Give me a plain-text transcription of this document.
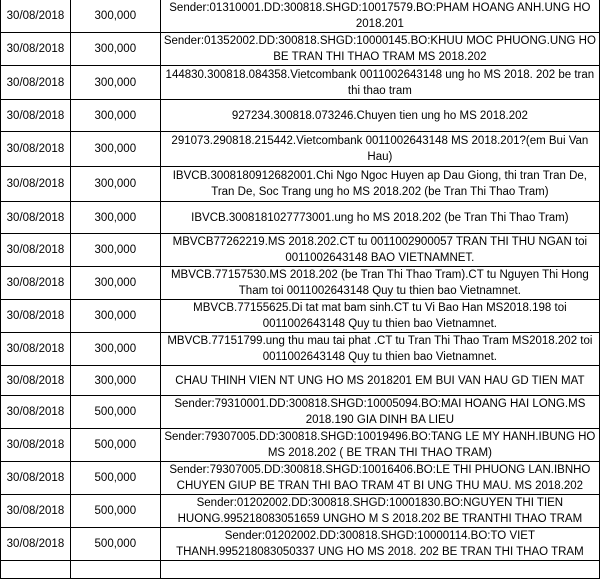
30/08/2018	300,000	Sender:01310001.DD:300818.SHGD:10017579.BO:PHAM HOANG ANH.UNG HO 2018.201
30/08/2018	300,000	Sender:01352002.DD:300818.SHGD:10000145.BO:KHUU MOC PHUONG.UNG HO BE TRAN THI THAO TRAM MS 2018.202
30/08/2018	300,000	144830.300818.084358.Vietcombank 0011002643148 ung ho MS 2018. 202 be tran thi thao tram
30/08/2018	300,000	927234.300818.073246.Chuyen tien ung ho MS 2018.202
30/08/2018	300,000	291073.290818.215442.Vietcombank 0011002643148 MS 2018.201?(em Bui Van Hau)
30/08/2018	300,000	IBVCB.3008180912682001.Chi Ngo Ngoc Huyen ap Dau Giong, thi tran Tran De, Tran De, Soc Trang ung ho MS 2018.202 (be Tran Thi Thao Tram)
30/08/2018	300,000	IBVCB.3008181027773001.ung ho MS 2018.202 (be Tran Thi Thao Tram)
30/08/2018	300,000	MBVCB77262219.MS 2018.202.CT tu 0011002900057 TRAN THI THU NGAN toi 0011002643148 BAO VIETNAMNET.
30/08/2018	300,000	MBVCB.77157530.MS 2018.202 (be Tran Thi Thao Tram).CT tu Nguyen Thi Hong Tham toi 0011002643148 Quy tu thien bao Vietnamnet.
30/08/2018	300,000	MBVCB.77155625.Di tat mat bam sinh.CT tu Vi Bao Han MS2018.198 toi 0011002643148 Quy tu thien bao Vietnamnet.
30/08/2018	300,000	MBVCB.77151799.ung thu mau tai phat .CT tu Tran Thi Thao Tram MS2018.202 toi 0011002643148 Quy tu thien bao Vietnamnet.
30/08/2018	300,000	CHAU THINH VIEN NT UNG HO MS 2018201 EM BUI VAN HAU GD TIEN MAT
30/08/2018	500,000	Sender:79310001.DD:300818.SHGD:10005094.BO:MAI HOANG HAI LONG.MS 2018.190 GIA DINH BA LIEU
30/08/2018	500,000	Sender:79307005.DD:300818.SHGD:10019496.BO:TANG LE MY HANH.IBUNG HO MS 2018.202 ( BE TRAN THI THAO TRAM)
30/08/2018	500,000	Sender:79307005.DD:300818.SHGD:10016406.BO:LE THI PHUONG LAN.IBNHO CHUYEN GIUP BE TRAN THI BAO TRAM 4T BI UNG THU MAU. MS 2018.202
30/08/2018	500,000	Sender:01202002.DD:300818.SHGD:10001830.BO:NGUYEN THI TIEN HUONG.995218083051659 UNGHO M S 2018.202 BE TRANTHI THAO TRAM
30/08/2018	500,000	Sender:01202002.DD:300818.SHGD:10000114.BO:TO VIET THANH.995218083050337 UNG HO MS 2018. 202 BE TRAN THI THAO TRAM
